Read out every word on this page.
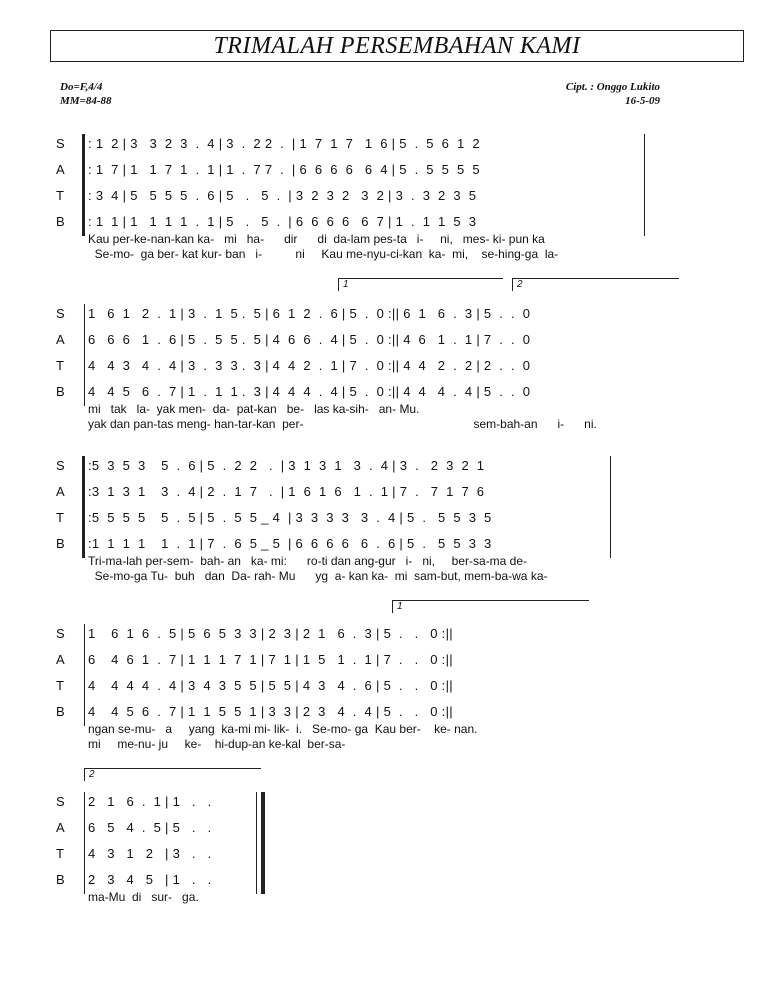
TRIMALAH PERSEMBAHAN KAMI
Do=F,4/4
MM=84-88
Cipt. : Onggo Lukito
16-5-09
S
A
T
B
: 1  2 | 3   3  2  3  .  4 | 3  .  2 2  .  | 1  7  1  7   1  6 | 5  .  5  6  1  2
: 1  7 | 1   1  7  1  .  1 | 1  .  7 7  .  | 6  6  6  6   6  4 | 5  .  5  5  5  5
: 3  4 | 5   5  5  5  .  6 | 5   .   5  .  | 3  2  3  2   3  2 | 3  .  3  2  3  5
: 1  1 | 1   1  1  1  .  1 | 5   .   5  .  | 6  6  6  6   6  7 | 1  .  1  1  5  3
Kau per-ke-nan-kan ka-   mi   ha-      dir      di  da-lam pes-ta   i-     ni,   mes- ki- pun ka
Se-mo-  ga ber- kat kur- ban   i-          ni     Kau me-nyu-ci-kan  ka-  mi,    se-hing-ga  la-
1	2
S
A
T
B
1   6  1   2  .  1 | 3  .  1  5 .  5 | 6  1  2  .  6 | 5  .  0 :|| 6  1   6  .  3 | 5  .  .  0
6   6  6   1  .  6 | 5  .  5  5 .  5 | 4  6  6  .  4 | 5  .  0 :|| 4  6   1  .  1 | 7  .  .  0
4   4  3   4  .  4 | 3  .  3  3 .  3 | 4  4  2  .  1 | 7  .  0 :|| 4  4   2  .  2 | 2  .  .  0
4   4  5   6  .  7 | 1  .  1  1 .  3 | 4  4  4  .  4 | 5  .  0 :|| 4  4   4  .  4 | 5  .  .  0
mi   tak   la-  yak men-  da-  pat-kan   be-   las ka-sih-   an- Mu.
yak dan pan-tas meng- han-tar-kan  per-                                                   sem-bah-an      i-      ni.
S
A
T
B
:5  3  5  3    5  .  6 | 5  .  2  2   .  | 3  1  3  1   3  .  4 | 3  .   2  3  2  1
:3  1  3  1    3  .  4 | 2  .  1  7   .  | 1  6  1  6   1  .  1 | 7  .   7  1  7  6
:5  5  5  5    5  .  5 | 5  .  5  5 _ 4  | 3  3  3  3   3  .  4 | 5  .   5  5  3  5
:1  1  1  1    1  .  1 | 7  .  6  5 _ 5  | 6  6  6  6   6  .  6 | 5  .   5  5  3  3
Tri-ma-lah per-sem-  bah- an   ka- mi:      ro-ti dan ang-gur   i-   ni,     ber-sa-ma de-
Se-mo-ga Tu-  buh   dan  Da- rah- Mu      yg  a- kan ka-  mi  sam-but, mem-ba-wa ka-
1
S
A
T
B
1    6  1  6  .  5 | 5  6  5  3  3 | 2  3 | 2  1   6  .  3 | 5  .   .   0 :||
6    4  6  1  .  7 | 1  1  1  7  1 | 7  1 | 1  5   1  .  1 | 7  .   .   0 :||
4    4  4  4  .  4 | 3  4  3  5  5 | 5  5 | 4  3   4  .  6 | 5  .   .   0 :||
4    4  5  6  .  7 | 1  1  5  5  1 | 3  3 | 2  3   4  .  4 | 5  .   .   0 :||
ngan se-mu-   a     yang  ka-mi mi- lik-  i.   Se-mo- ga  Kau ber-    ke- nan.
mi     me-nu- ju     ke-    hi-dup-an ke-kal  ber-sa-
2
S
A
T
B
2   1   6  .  1 | 1   .   .
6   5   4  .  5 | 5   .   .
4   3   1   2   | 3   .   .
2   3   4   5   | 1   .   .
ma-Mu  di   sur-   ga.
